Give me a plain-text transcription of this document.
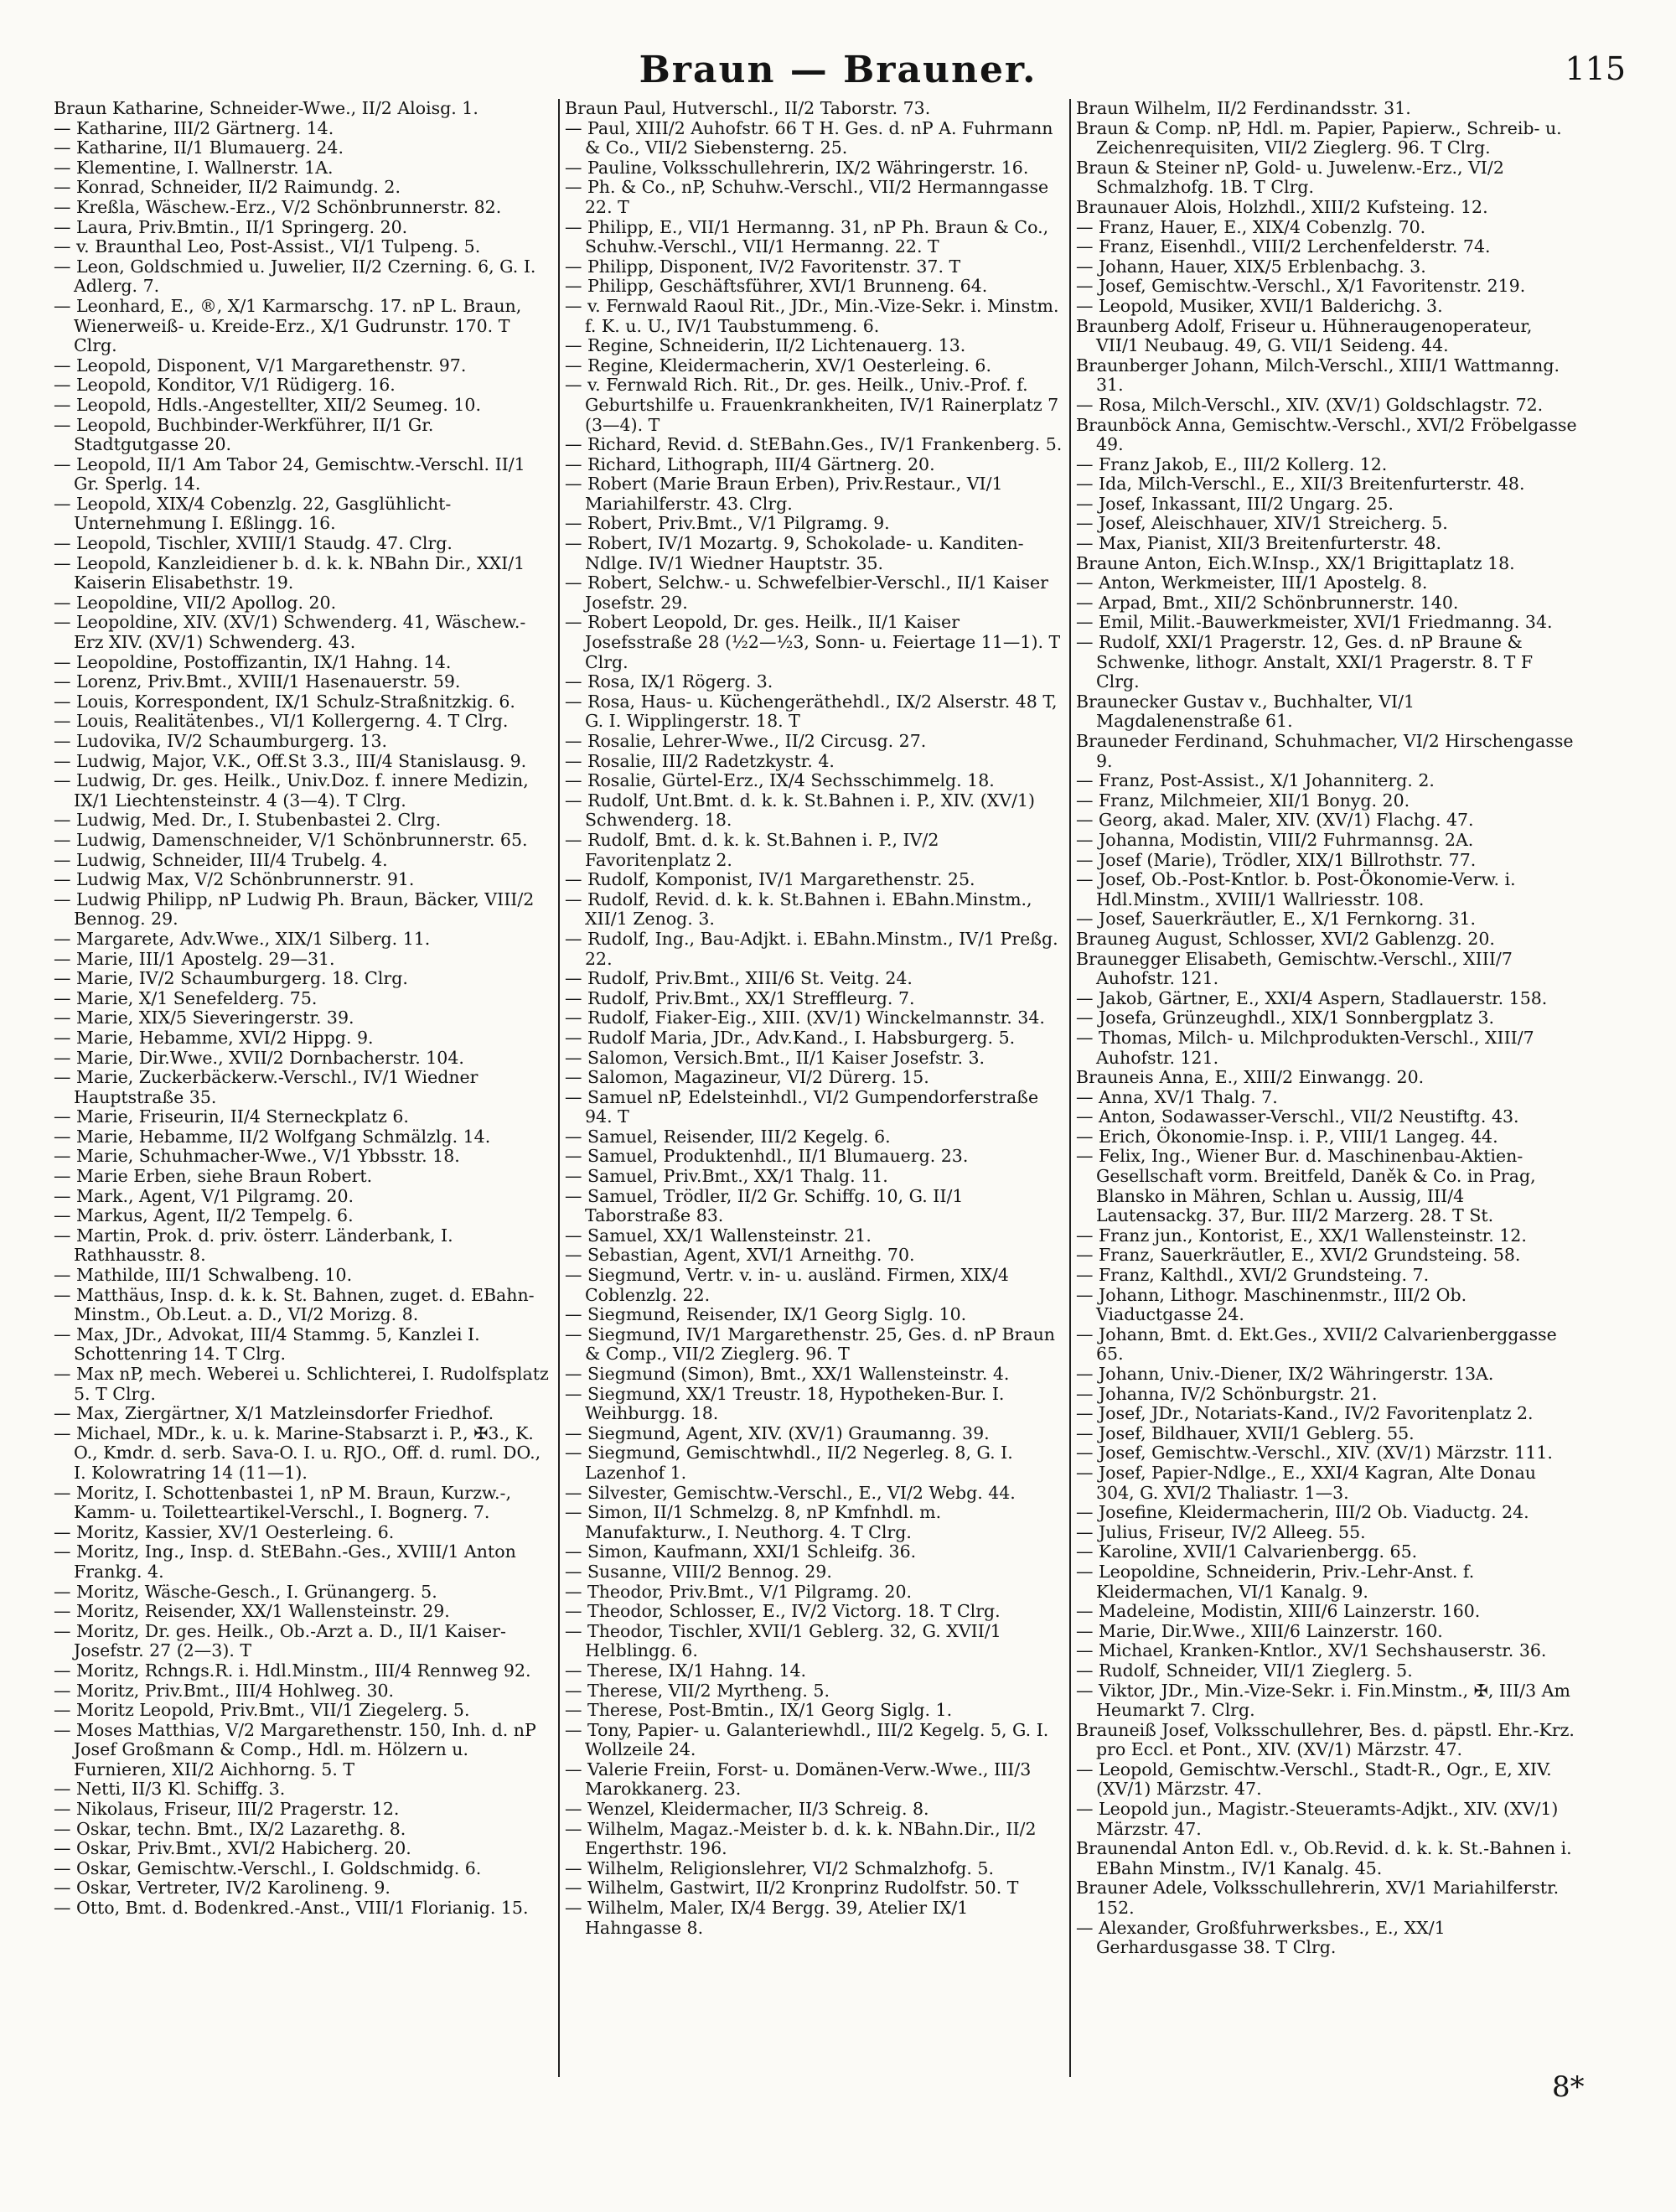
Braun — Brauner.	115
Braun Katharine, Schneider-Wwe., II/2 Aloisg. 1.
— Katharine, III/2 Gärtnerg. 14.
— Katharine, II/1 Blumauerg. 24.
— Klementine, I. Wallnerstr. 1A.
— Konrad, Schneider, II/2 Raimundg. 2.
— Kreßla, Wäschew.-Erz., V/2 Schönbrunnerstr. 82.
— Laura, Priv.Bmtin., II/1 Springerg. 20.
— v. Braunthal Leo, Post-Assist., VI/1 Tulpeng. 5.
— Leon, Goldschmied u. Juwelier, II/2 Czerning. 6, G. I. Adlerg. 7.
— Leonhard, E., ®, X/1 Karmarschg. 17. nP L. Braun, Wienerweiß- u. Kreide-Erz., X/1 Gudrunstr. 170. T Clrg.
— Leopold, Disponent, V/1 Margarethenstr. 97.
— Leopold, Konditor, V/1 Rüdigerg. 16.
— Leopold, Hdls.-Angestellter, XII/2 Seumeg. 10.
— Leopold, Buchbinder-Werkführer, II/1 Gr. Stadtgutgasse 20.
— Leopold, II/1 Am Tabor 24, Gemischtw.-Verschl. II/1 Gr. Sperlg. 14.
— Leopold, XIX/4 Cobenzlg. 22, Gasglühlicht-Unternehmung I. Eßlingg. 16.
— Leopold, Tischler, XVIII/1 Staudg. 47. Clrg.
— Leopold, Kanzleidiener b. d. k. k. NBahn Dir., XXI/1 Kaiserin Elisabethstr. 19.
— Leopoldine, VII/2 Apollog. 20.
— Leopoldine, XIV. (XV/1) Schwenderg. 41, Wäschew.-Erz XIV. (XV/1) Schwenderg. 43.
— Leopoldine, Postoffizantin, IX/1 Hahng. 14.
— Lorenz, Priv.Bmt., XVIII/1 Hasenauerstr. 59.
— Louis, Korrespondent, IX/1 Schulz-Straßnitzkig. 6.
— Louis, Realitätenbes., VI/1 Kollergerng. 4. T Clrg.
— Ludovika, IV/2 Schaumburgerg. 13.
— Ludwig, Major, V.K., Off.St 3.3., III/4 Stanislausg. 9.
— Ludwig, Dr. ges. Heilk., Univ.Doz. f. innere Medizin, IX/1 Liechtensteinstr. 4 (3—4). T Clrg.
— Ludwig, Med. Dr., I. Stubenbastei 2. Clrg.
— Ludwig, Damenschneider, V/1 Schönbrunnerstr. 65.
— Ludwig, Schneider, III/4 Trubelg. 4.
— Ludwig Max, V/2 Schönbrunnerstr. 91.
— Ludwig Philipp, nP Ludwig Ph. Braun, Bäcker, VIII/2 Bennog. 29.
— Margarete, Adv.Wwe., XIX/1 Silberg. 11.
— Marie, III/1 Apostelg. 29—31.
— Marie, IV/2 Schaumburgerg. 18. Clrg.
— Marie, X/1 Senefelderg. 75.
— Marie, XIX/5 Sieveringerstr. 39.
— Marie, Hebamme, XVI/2 Hippg. 9.
— Marie, Dir.Wwe., XVII/2 Dornbacherstr. 104.
— Marie, Zuckerbäckerw.-Verschl., IV/1 Wiedner Hauptstraße 35.
— Marie, Friseurin, II/4 Sterneckplatz 6.
— Marie, Hebamme, II/2 Wolfgang Schmälzlg. 14.
— Marie, Schuhmacher-Wwe., V/1 Ybbsstr. 18.
— Marie Erben, siehe Braun Robert.
— Mark., Agent, V/1 Pilgramg. 20.
— Markus, Agent, II/2 Tempelg. 6.
— Martin, Prok. d. priv. österr. Länderbank, I. Rathhausstr. 8.
— Mathilde, III/1 Schwalbeng. 10.
— Matthäus, Insp. d. k. k. St. Bahnen, zuget. d. EBahn-Minstm., Ob.Leut. a. D., VI/2 Morizg. 8.
— Max, JDr., Advokat, III/4 Stammg. 5, Kanzlei I. Schottenring 14. T Clrg.
— Max nP, mech. Weberei u. Schlichterei, I. Rudolfsplatz 5. T Clrg.
— Max, Ziergärtner, X/1 Matzleinsdorfer Friedhof.
— Michael, MDr., k. u. k. Marine-Stabsarzt i. P., ✠3., K. O., Kmdr. d. serb. Sava-O. I. u. RJO., Off. d. ruml. DO., I. Kolowratring 14 (11—1).
— Moritz, I. Schottenbastei 1, nP M. Braun, Kurzw.-, Kamm- u. Toiletteartikel-Verschl., I. Bognerg. 7.
— Moritz, Kassier, XV/1 Oesterleing. 6.
— Moritz, Ing., Insp. d. StEBahn.-Ges., XVIII/1 Anton Frankg. 4.
— Moritz, Wäsche-Gesch., I. Grünangerg. 5.
— Moritz, Reisender, XX/1 Wallensteinstr. 29.
— Moritz, Dr. ges. Heilk., Ob.-Arzt a. D., II/1 Kaiser-Josefstr. 27 (2—3). T
— Moritz, Rchngs.R. i. Hdl.Minstm., III/4 Rennweg 92.
— Moritz, Priv.Bmt., III/4 Hohlweg. 30.
— Moritz Leopold, Priv.Bmt., VII/1 Ziegelerg. 5.
— Moses Matthias, V/2 Margarethenstr. 150, Inh. d. nP Josef Großmann & Comp., Hdl. m. Hölzern u. Furnieren, XII/2 Aichhorng. 5. T
— Netti, II/3 Kl. Schiffg. 3.
— Nikolaus, Friseur, III/2 Pragerstr. 12.
— Oskar, techn. Bmt., IX/2 Lazarethg. 8.
— Oskar, Priv.Bmt., XVI/2 Habicherg. 20.
— Oskar, Gemischtw.-Verschl., I. Goldschmidg. 6.
— Oskar, Vertreter, IV/2 Karolineng. 9.
— Otto, Bmt. d. Bodenkred.-Anst., VIII/1 Florianig. 15.
Braun Paul, Hutverschl., II/2 Taborstr. 73.
— Paul, XIII/2 Auhofstr. 66 T H. Ges. d. nP A. Fuhrmann & Co., VII/2 Siebensterng. 25.
— Pauline, Volksschullehrerin, IX/2 Währingerstr. 16.
— Ph. & Co., nP, Schuhw.-Verschl., VII/2 Hermanngasse 22. T
— Philipp, E., VII/1 Hermanng. 31, nP Ph. Braun & Co., Schuhw.-Verschl., VII/1 Hermanng. 22. T
— Philipp, Disponent, IV/2 Favoritenstr. 37. T
— Philipp, Geschäftsführer, XVI/1 Brunneng. 64.
— v. Fernwald Raoul Rit., JDr., Min.-Vize-Sekr. i. Minstm. f. K. u. U., IV/1 Taubstummeng. 6.
— Regine, Schneiderin, II/2 Lichtenauerg. 13.
— Regine, Kleidermacherin, XV/1 Oesterleing. 6.
— v. Fernwald Rich. Rit., Dr. ges. Heilk., Univ.-Prof. f. Geburtshilfe u. Frauenkrankheiten, IV/1 Rainerplatz 7 (3—4). T
— Richard, Revid. d. StEBahn.Ges., IV/1 Frankenberg. 5.
— Richard, Lithograph, III/4 Gärtnerg. 20.
— Robert (Marie Braun Erben), Priv.Restaur., VI/1 Mariahilferstr. 43. Clrg.
— Robert, Priv.Bmt., V/1 Pilgramg. 9.
— Robert, IV/1 Mozartg. 9, Schokolade- u. Kanditen-Ndlge. IV/1 Wiedner Hauptstr. 35.
— Robert, Selchw.- u. Schwefelbier-Verschl., II/1 Kaiser Josefstr. 29.
— Robert Leopold, Dr. ges. Heilk., II/1 Kaiser Josefsstraße 28 (½2—½3, Sonn- u. Feiertage 11—1). T Clrg.
— Rosa, IX/1 Rögerg. 3.
— Rosa, Haus- u. Küchengeräthehdl., IX/2 Alserstr. 48 T, G. I. Wipplingerstr. 18. T
— Rosalie, Lehrer-Wwe., II/2 Circusg. 27.
— Rosalie, III/2 Radetzkystr. 4.
— Rosalie, Gürtel-Erz., IX/4 Sechsschimmelg. 18.
— Rudolf, Unt.Bmt. d. k. k. St.Bahnen i. P., XIV. (XV/1) Schwenderg. 18.
— Rudolf, Bmt. d. k. k. St.Bahnen i. P., IV/2 Favoritenplatz 2.
— Rudolf, Komponist, IV/1 Margarethenstr. 25.
— Rudolf, Revid. d. k. k. St.Bahnen i. EBahn.Minstm., XII/1 Zenog. 3.
— Rudolf, Ing., Bau-Adjkt. i. EBahn.Minstm., IV/1 Preßg. 22.
— Rudolf, Priv.Bmt., XIII/6 St. Veitg. 24.
— Rudolf, Priv.Bmt., XX/1 Streffleurg. 7.
— Rudolf, Fiaker-Eig., XIII. (XV/1) Winckelmannstr. 34.
— Rudolf Maria, JDr., Adv.Kand., I. Habsburgerg. 5.
— Salomon, Versich.Bmt., II/1 Kaiser Josefstr. 3.
— Salomon, Magazineur, VI/2 Dürerg. 15.
— Samuel nP, Edelsteinhdl., VI/2 Gumpendorferstraße 94. T
— Samuel, Reisender, III/2 Kegelg. 6.
— Samuel, Produktenhdl., II/1 Blumauerg. 23.
— Samuel, Priv.Bmt., XX/1 Thalg. 11.
— Samuel, Trödler, II/2 Gr. Schiffg. 10, G. II/1 Taborstraße 83.
— Samuel, XX/1 Wallensteinstr. 21.
— Sebastian, Agent, XVI/1 Arneithg. 70.
— Siegmund, Vertr. v. in- u. ausländ. Firmen, XIX/4 Coblenzlg. 22.
— Siegmund, Reisender, IX/1 Georg Siglg. 10.
— Siegmund, IV/1 Margarethenstr. 25, Ges. d. nP Braun & Comp., VII/2 Zieglerg. 96. T
— Siegmund (Simon), Bmt., XX/1 Wallensteinstr. 4.
— Siegmund, XX/1 Treustr. 18, Hypotheken-Bur. I. Weihburgg. 18.
— Siegmund, Agent, XIV. (XV/1) Graumanng. 39.
— Siegmund, Gemischtwhdl., II/2 Negerleg. 8, G. I. Lazenhof 1.
— Silvester, Gemischtw.-Verschl., E., VI/2 Webg. 44.
— Simon, II/1 Schmelzg. 8, nP Kmfnhdl. m. Manufakturw., I. Neuthorg. 4. T Clrg.
— Simon, Kaufmann, XXI/1 Schleifg. 36.
— Susanne, VIII/2 Bennog. 29.
— Theodor, Priv.Bmt., V/1 Pilgramg. 20.
— Theodor, Schlosser, E., IV/2 Victorg. 18. T Clrg.
— Theodor, Tischler, XVII/1 Geblerg. 32, G. XVII/1 Helblingg. 6.
— Therese, IX/1 Hahng. 14.
— Therese, VII/2 Myrtheng. 5.
— Therese, Post-Bmtin., IX/1 Georg Siglg. 1.
— Tony, Papier- u. Galanteriewhdl., III/2 Kegelg. 5, G. I. Wollzeile 24.
— Valerie Freiin, Forst- u. Domänen-Verw.-Wwe., III/3 Marokkanerg. 23.
— Wenzel, Kleidermacher, II/3 Schreig. 8.
— Wilhelm, Magaz.-Meister b. d. k. k. NBahn.Dir., II/2 Engerthstr. 196.
— Wilhelm, Religionslehrer, VI/2 Schmalzhofg. 5.
— Wilhelm, Gastwirt, II/2 Kronprinz Rudolfstr. 50. T
— Wilhelm, Maler, IX/4 Bergg. 39, Atelier IX/1 Hahngasse 8.
Braun Wilhelm, II/2 Ferdinandsstr. 31.
Braun & Comp. nP, Hdl. m. Papier, Papierw., Schreib- u. Zeichenrequisiten, VII/2 Zieglerg. 96. T Clrg.
Braun & Steiner nP, Gold- u. Juwelenw.-Erz., VI/2 Schmalzhofg. 1B. T Clrg.
Braunauer Alois, Holzhdl., XIII/2 Kufsteing. 12.
— Franz, Hauer, E., XIX/4 Cobenzlg. 70.
— Franz, Eisenhdl., VIII/2 Lerchenfelderstr. 74.
— Johann, Hauer, XIX/5 Erblenbachg. 3.
— Josef, Gemischtw.-Verschl., X/1 Favoritenstr. 219.
— Leopold, Musiker, XVII/1 Balderichg. 3.
Braunberg Adolf, Friseur u. Hühneraugenoperateur, VII/1 Neubaug. 49, G. VII/1 Seideng. 44.
Braunberger Johann, Milch-Verschl., XIII/1 Wattmanng. 31.
— Rosa, Milch-Verschl., XIV. (XV/1) Goldschlagstr. 72.
Braunböck Anna, Gemischtw.-Verschl., XVI/2 Fröbelgasse 49.
— Franz Jakob, E., III/2 Kollerg. 12.
— Ida, Milch-Verschl., E., XII/3 Breitenfurterstr. 48.
— Josef, Inkassant, III/2 Ungarg. 25.
— Josef, Aleischhauer, XIV/1 Streicherg. 5.
— Max, Pianist, XII/3 Breitenfurterstr. 48.
Braune Anton, Eich.W.Insp., XX/1 Brigittaplatz 18.
— Anton, Werkmeister, III/1 Apostelg. 8.
— Arpad, Bmt., XII/2 Schönbrunnerstr. 140.
— Emil, Milit.-Bauwerkmeister, XVI/1 Friedmanng. 34.
— Rudolf, XXI/1 Pragerstr. 12, Ges. d. nP Braune & Schwenke, lithogr. Anstalt, XXI/1 Pragerstr. 8. T F Clrg.
Braunecker Gustav v., Buchhalter, VI/1 Magdalenenstraße 61.
Brauneder Ferdinand, Schuhmacher, VI/2 Hirschengasse 9.
— Franz, Post-Assist., X/1 Johanniterg. 2.
— Franz, Milchmeier, XII/1 Bonyg. 20.
— Georg, akad. Maler, XIV. (XV/1) Flachg. 47.
— Johanna, Modistin, VIII/2 Fuhrmannsg. 2A.
— Josef (Marie), Trödler, XIX/1 Billrothstr. 77.
— Josef, Ob.-Post-Kntlor. b. Post-Ökonomie-Verw. i. Hdl.Minstm., XVIII/1 Wallriesstr. 108.
— Josef, Sauerkräutler, E., X/1 Fernkorng. 31.
Brauneg August, Schlosser, XVI/2 Gablenzg. 20.
Braunegger Elisabeth, Gemischtw.-Verschl., XIII/7 Auhofstr. 121.
— Jakob, Gärtner, E., XXI/4 Aspern, Stadlauerstr. 158.
— Josefa, Grünzeughdl., XIX/1 Sonnbergplatz 3.
— Thomas, Milch- u. Milchprodukten-Verschl., XIII/7 Auhofstr. 121.
Brauneis Anna, E., XIII/2 Einwangg. 20.
— Anna, XV/1 Thalg. 7.
— Anton, Sodawasser-Verschl., VII/2 Neustiftg. 43.
— Erich, Ökonomie-Insp. i. P., VIII/1 Langeg. 44.
— Felix, Ing., Wiener Bur. d. Maschinenbau-Aktien-Gesellschaft vorm. Breitfeld, Daněk & Co. in Prag, Blansko in Mähren, Schlan u. Aussig, III/4 Lautensackg. 37, Bur. III/2 Marzerg. 28. T St.
— Franz jun., Kontorist, E., XX/1 Wallensteinstr. 12.
— Franz, Sauerkräutler, E., XVI/2 Grundsteing. 58.
— Franz, Kalthdl., XVI/2 Grundsteing. 7.
— Johann, Lithogr. Maschinenmstr., III/2 Ob. Viaductgasse 24.
— Johann, Bmt. d. Ekt.Ges., XVII/2 Calvarienberggasse 65.
— Johann, Univ.-Diener, IX/2 Währingerstr. 13A.
— Johanna, IV/2 Schönburgstr. 21.
— Josef, JDr., Notariats-Kand., IV/2 Favoritenplatz 2.
— Josef, Bildhauer, XVII/1 Geblerg. 55.
— Josef, Gemischtw.-Verschl., XIV. (XV/1) Märzstr. 111.
— Josef, Papier-Ndlge., E., XXI/4 Kagran, Alte Donau 304, G. XVI/2 Thaliastr. 1—3.
— Josefine, Kleidermacherin, III/2 Ob. Viaductg. 24.
— Julius, Friseur, IV/2 Alleeg. 55.
— Karoline, XVII/1 Calvarienbergg. 65.
— Leopoldine, Schneiderin, Priv.-Lehr-Anst. f. Kleidermachen, VI/1 Kanalg. 9.
— Madeleine, Modistin, XIII/6 Lainzerstr. 160.
— Marie, Dir.Wwe., XIII/6 Lainzerstr. 160.
— Michael, Kranken-Kntlor., XV/1 Sechshauserstr. 36.
— Rudolf, Schneider, VII/1 Zieglerg. 5.
— Viktor, JDr., Min.-Vize-Sekr. i. Fin.Minstm., ✠, III/3 Am Heumarkt 7. Clrg.
Brauneiß Josef, Volksschullehrer, Bes. d. päpstl. Ehr.-Krz. pro Eccl. et Pont., XIV. (XV/1) Märzstr. 47.
— Leopold, Gemischtw.-Verschl., Stadt-R., Ogr., E, XIV. (XV/1) Märzstr. 47.
— Leopold jun., Magistr.-Steueramts-Adjkt., XIV. (XV/1) Märzstr. 47.
Braunendal Anton Edl. v., Ob.Revid. d. k. k. St.-Bahnen i. EBahn Minstm., IV/1 Kanalg. 45.
Brauner Adele, Volksschullehrerin, XV/1 Mariahilferstr. 152.
— Alexander, Großfuhrwerksbes., E., XX/1 Gerhardusgasse 38. T Clrg.
8*
